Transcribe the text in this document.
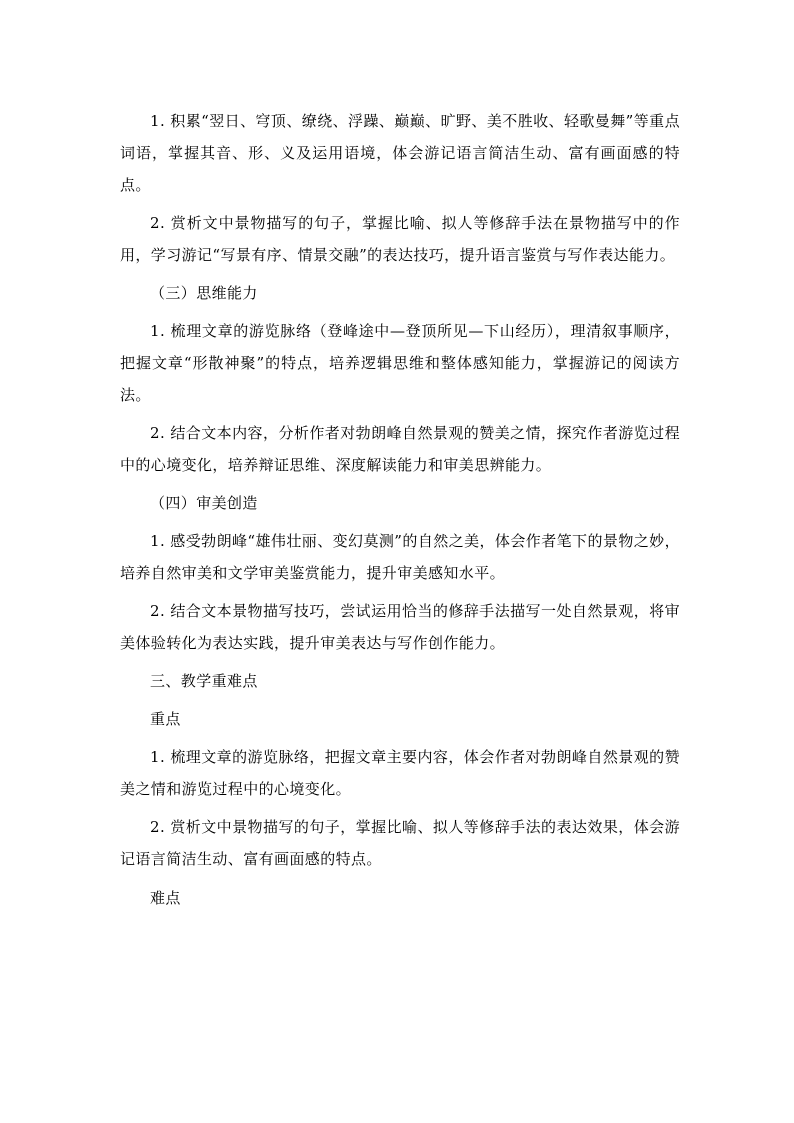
1. 积累“翌日、穹顶、缭绕、浮躁、巅巅、旷野、美不胜收、轻歌曼舞”等重点词语，掌握其音、形、义及运用语境，体会游记语言简洁生动、富有画面感的特点。

2. 赏析文中景物描写的句子，掌握比喻、拟人等修辞手法在景物描写中的作用，学习游记“写景有序、情景交融”的表达技巧，提升语言鉴赏与写作表达能力。

（三）思维能力

1. 梳理文章的游览脉络（登峰途中—登顶所见—下山经历），理清叙事顺序，把握文章“形散神聚”的特点，培养逻辑思维和整体感知能力，掌握游记的阅读方法。

2. 结合文本内容，分析作者对勃朗峰自然景观的赞美之情，探究作者游览过程中的心境变化，培养辩证思维、深度解读能力和审美思辨能力。

（四）审美创造

1. 感受勃朗峰“雄伟壮丽、变幻莫测”的自然之美，体会作者笔下的景物之妙，培养自然审美和文学审美鉴赏能力，提升审美感知水平。

2. 结合文本景物描写技巧，尝试运用恰当的修辞手法描写一处自然景观，将审美体验转化为表达实践，提升审美表达与写作创作能力。

三、教学重难点

重点

1. 梳理文章的游览脉络，把握文章主要内容，体会作者对勃朗峰自然景观的赞美之情和游览过程中的心境变化。

2. 赏析文中景物描写的句子，掌握比喻、拟人等修辞手法的表达效果，体会游记语言简洁生动、富有画面感的特点。

难点
